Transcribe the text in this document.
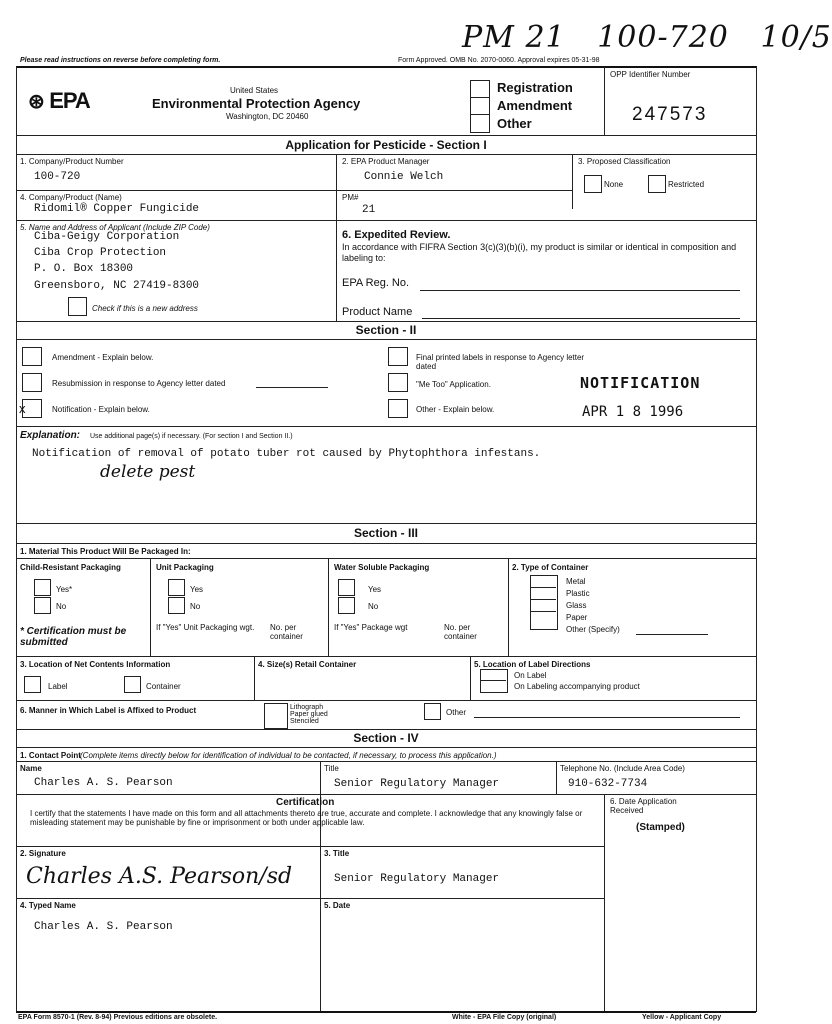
PM 21   100-720   10/5
Please read instructions on reverse before completing form.	Form Approved. OMB No. 2070-0060. Approval expires 05-31-98
⊛ EPA	United States
Environmental Protection Agency
Washington, DC 20460
Registration
Amendment
Other
OPP Identifier Number
247573
Application for Pesticide - Section I
1. Company/Product Number
100-720
2. EPA Product Manager
Connie Welch
3. Proposed Classification
None	Restricted
4. Company/Product (Name)
Ridomil® Copper Fungicide
PM#
21
5. Name and Address of Applicant (Include ZIP Code)
Ciba-Geigy Corporation
Ciba Crop Protection
P. O. Box 18300
Greensboro, NC 27419-8300
Check if this is a new address
6. Expedited Review.
In accordance with FIFRA Section 3(c)(3)(b)(i), my product is similar or identical in composition and labeling to:
EPA Reg. No.
Product Name
Section - II
Amendment - Explain below.
Resubmission in response to Agency letter dated
x	Notification - Explain below.
Final printed labels in response to Agency letter dated
"Me Too" Application.
Other - Explain below.
NOTIFICATION
APR 1 8 1996
Explanation: Use additional page(s) if necessary. (For section I and Section II.)
Notification of removal of potato tuber rot caused by Phytophthora infestans.
delete pest
Section - III
1. Material This Product Will Be Packaged In:
Child-Resistant Packaging
Yes*
No
* Certification must be submitted
Unit Packaging
Yes
No
If "Yes" Unit Packaging wgt. No. per container
Water Soluble Packaging
Yes
No
If "Yes" Package wgt	No. per container
2. Type of Container
Metal
Plastic
Glass
Paper
Other (Specify)
3. Location of Net Contents Information
Label	Container
4. Size(s) Retail Container	5. Location of Label Directions
On Label
On Labeling accompanying product
6. Manner in Which Label is Affixed to Product	Lithograph
Paper glued
Stenciled
Other
Section - IV
1. Contact Point (Complete items directly below for identification of individual to be contacted, if necessary, to process this application.)
Name
Charles A. S. Pearson
Title
Senior Regulatory Manager
Telephone No. (Include Area Code)
910-632-7734
Certification
I certify that the statements I have made on this form and all attachments thereto are true, accurate and complete. I acknowledge that any knowingly false or misleading statement may be punishable by fine or imprisonment or both under applicable law.
6. Date Application Received
(Stamped)
2. Signature
Charles A.S. Pearson/sd
3. Title
Senior Regulatory Manager
4. Typed Name
Charles A. S. Pearson
5. Date
EPA Form 8570-1 (Rev. 8-94) Previous editions are obsolete.	White - EPA File Copy (original)	Yellow - Applicant Copy
